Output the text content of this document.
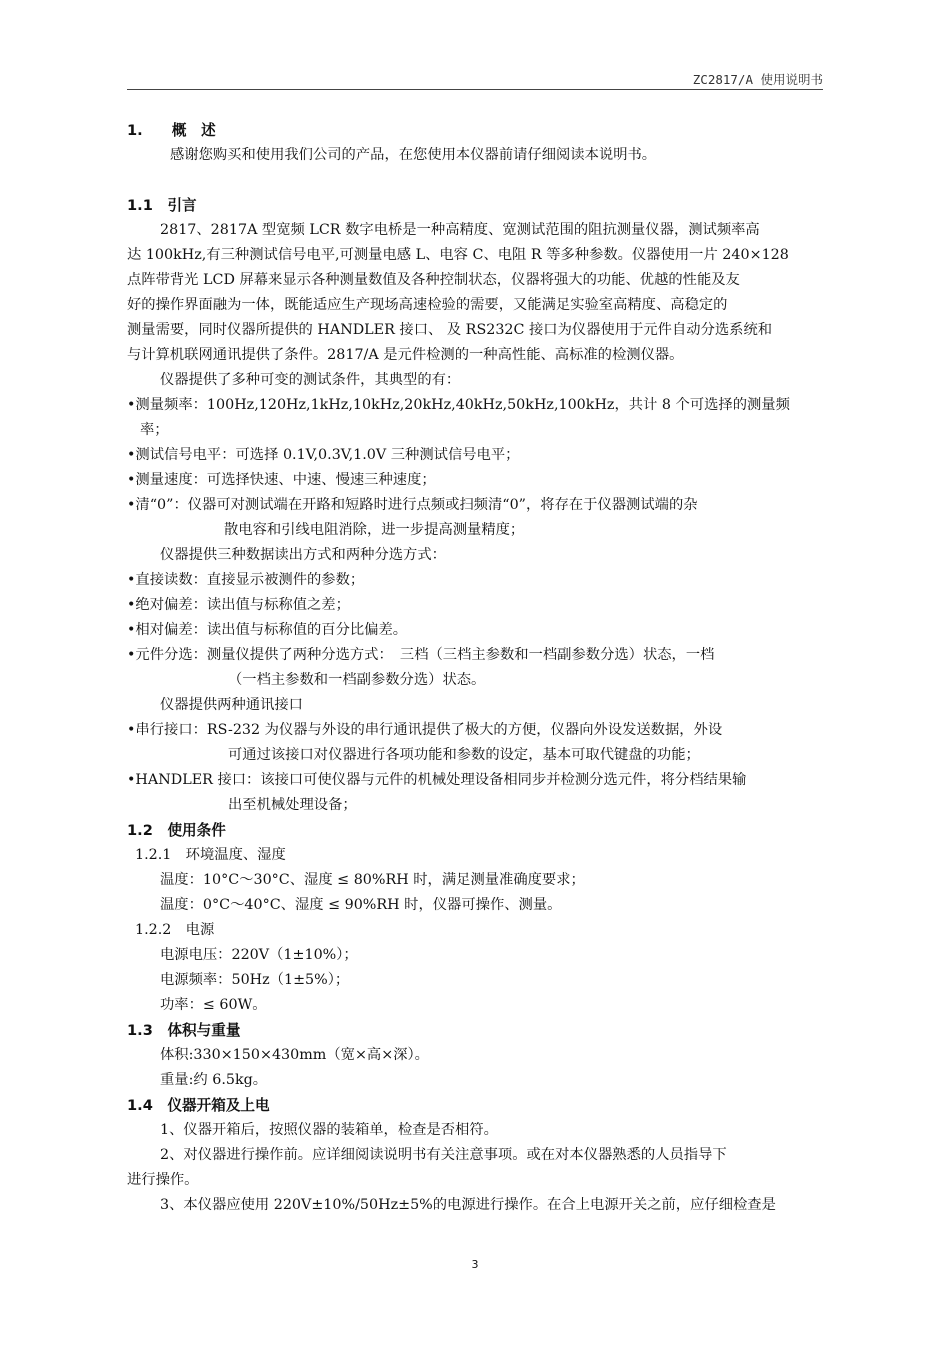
ZC2817/A 使用说明书
1.　　概　述
感谢您购买和使用我们公司的产品，在您使用本仪器前请仔细阅读本说明书。
1.1　引言
2817、2817A 型宽频 LCR 数字电桥是一种高精度、宽测试范围的阻抗测量仪器，测试频率高
达 100kHz,有三种测试信号电平,可测量电感 L、电容 C、电阻 R 等多种参数。仪器使用一片 240×128
点阵带背光 LCD 屏幕来显示各种测量数值及各种控制状态，仪器将强大的功能、优越的性能及友
好的操作界面融为一体，既能适应生产现场高速检验的需要，又能满足实验室高精度、高稳定的
测量需要，同时仪器所提供的 HANDLER 接口、 及 RS232C 接口为仪器使用于元件自动分选系统和
与计算机联网通讯提供了条件。2817/A 是元件检测的一种高性能、高标准的检测仪器。
仪器提供了多种可变的测试条件，其典型的有：
•测量频率：100Hz,120Hz,1kHz,10kHz,20kHz,40kHz,50kHz,100kHz，共计 8 个可选择的测量频
率；
•测试信号电平：可选择 0.1V,0.3V,1.0V 三种测试信号电平；
•测量速度：可选择快速、中速、慢速三种速度；
•清“0”：仪器可对测试端在开路和短路时进行点频或扫频清“0”，将存在于仪器测试端的杂
散电容和引线电阻消除，进一步提高测量精度；
仪器提供三种数据读出方式和两种分选方式：
•直接读数：直接显示被测件的参数；
•绝对偏差：读出值与标称值之差；
•相对偏差：读出值与标称值的百分比偏差。
•元件分选：测量仪提供了两种分选方式：　三档（三档主参数和一档副参数分选）状态，一档
（一档主参数和一档副参数分选）状态。
仪器提供两种通讯接口
•串行接口：RS-232 为仪器与外设的串行通讯提供了极大的方便，仪器向外设发送数据，外设
可通过该接口对仪器进行各项功能和参数的设定，基本可取代键盘的功能；
•HANDLER 接口：该接口可使仪器与元件的机械处理设备相同步并检测分选元件，将分档结果输
出至机械处理设备；
1.2　使用条件
1.2.1　环境温度、湿度
温度：10°C～30°C、湿度 ≤ 80%RH 时，满足测量准确度要求；
温度：0°C～40°C、湿度 ≤ 90%RH 时，仪器可操作、测量。
1.2.2　电源
电源电压：220V（1±10%）；
电源频率：50Hz（1±5%）；
功率：≤ 60W。
1.3　体积与重量
体积:330×150×430mm（宽×高×深）。
重量:约 6.5kg。
1.4　仪器开箱及上电
1、仪器开箱后，按照仪器的装箱单，检查是否相符。
2、对仪器进行操作前。应详细阅读说明书有关注意事项。或在对本仪器熟悉的人员指导下
进行操作。
3、本仪器应使用 220V±10%/50Hz±5%的电源进行操作。在合上电源开关之前，应仔细检查是
3
